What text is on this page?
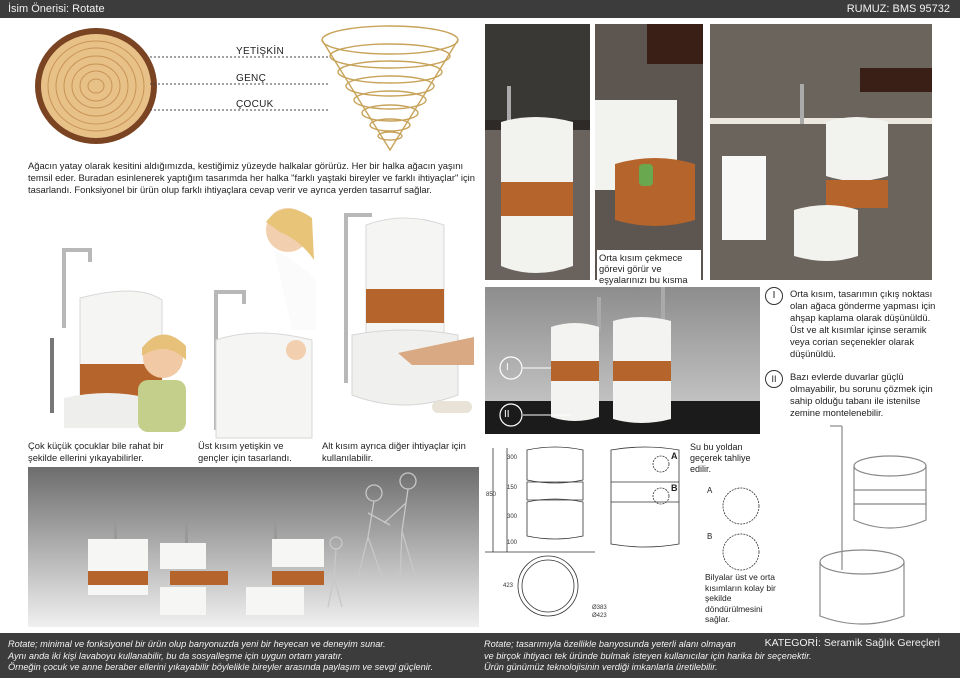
İsim Önerisi: Rotate	RUMUZ: BMS 95732
YETİŞKİN
GENÇ
ÇOCUK
Ağacın yatay olarak kesitini aldığımızda, kestiğimiz yüzeyde halkalar görürüz. Her bir halka ağacın yaşını temsil eder. Buradan esinlenerek yaptığım tasarımda her halka "farklı yaştaki bireyler ve farklı ihtiyaçlar" için tasarlandı. Fonksiyonel bir ürün olup farklı ihtiyaçlara cevap verir ve ayrıca yerden tasarruf sağlar.
Çok küçük çocuklar bile rahat bir şekilde ellerini yıkayabilirler.
Üst kısım yetişkin ve gençler için tasarlandı.
Alt kısım ayrıca diğer ihtiyaçlar için kullanılabilir.
Orta kısım çekmece görevi görür ve eşyalarınızı bu kısma
I
II
I	Orta kısım, tasarımın çıkış noktası olan ağaca gönderme yapması için ahşap kaplama olarak düşünüldü. Üst ve alt kısımlar içinse seramik veya corian seçenekler olarak düşünüldü.
II	Bazı evlerde duvarlar güçlü olmayabilir, bu sorunu çözmek için sahip olduğu tabanı ile istenilse zemine montelenebilir.
300
150
300
100
850
423
Ø383
Ø423
A
B	A
B
Su bu yoldan geçerek tahliye edilir.
Bilyalar üst ve orta kısımların kolay bir şekilde döndürülmesini sağlar.
Rotate; minimal ve fonksiyonel bir ürün olup banyonuzda yeni bir heyecan ve deneyim sunar.
Aynı anda iki kişi lavaboyu kullanabilir, bu da sosyalleşme için uygun ortam yaratır.
Örneğin çocuk ve anne beraber ellerini yıkayabilir böylelikle bireyler arasında paylaşım ve sevgi güçlenir.
Rotate; tasarımıyla özellikle banyosunda yeterli alanı olmayan
ve birçok ihtiyacı tek üründe bulmak isteyen kullanıcılar için harika bir seçenektir.
Ürün günümüz teknolojisinin verdiği imkanlarla üretilebilir.
KATEGORİ: Seramik Sağlık Gereçleri
